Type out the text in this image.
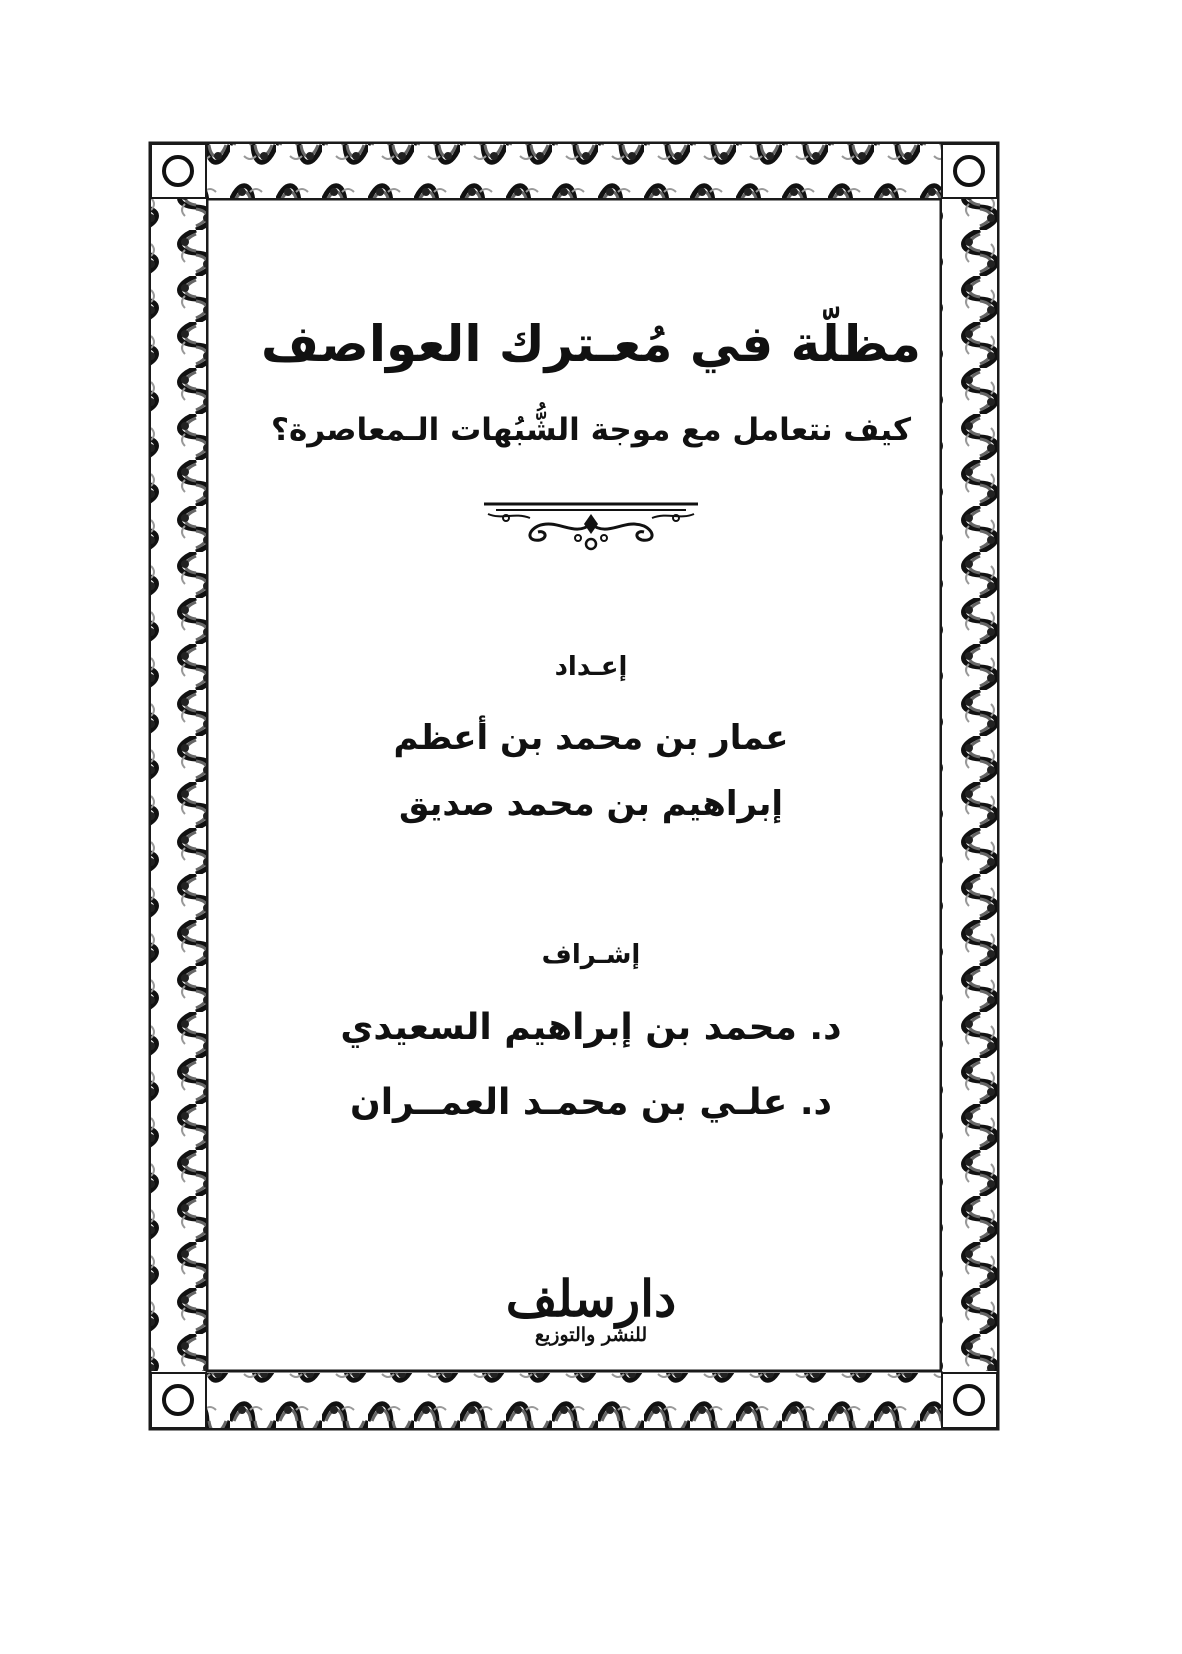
مظلّة في مُعـترك العواصف
كيف نتعامل مع موجة الشُّبُهات الـمعاصرة؟
إعـداد
عمار بن محمد بن أعظم
إبراهيم بن محمد صديق
إشـراف
د. محمد بن إبراهيم السعيدي
د. علـي بن محمـد العمــران
دارسلف
للنشر والتوزيع
